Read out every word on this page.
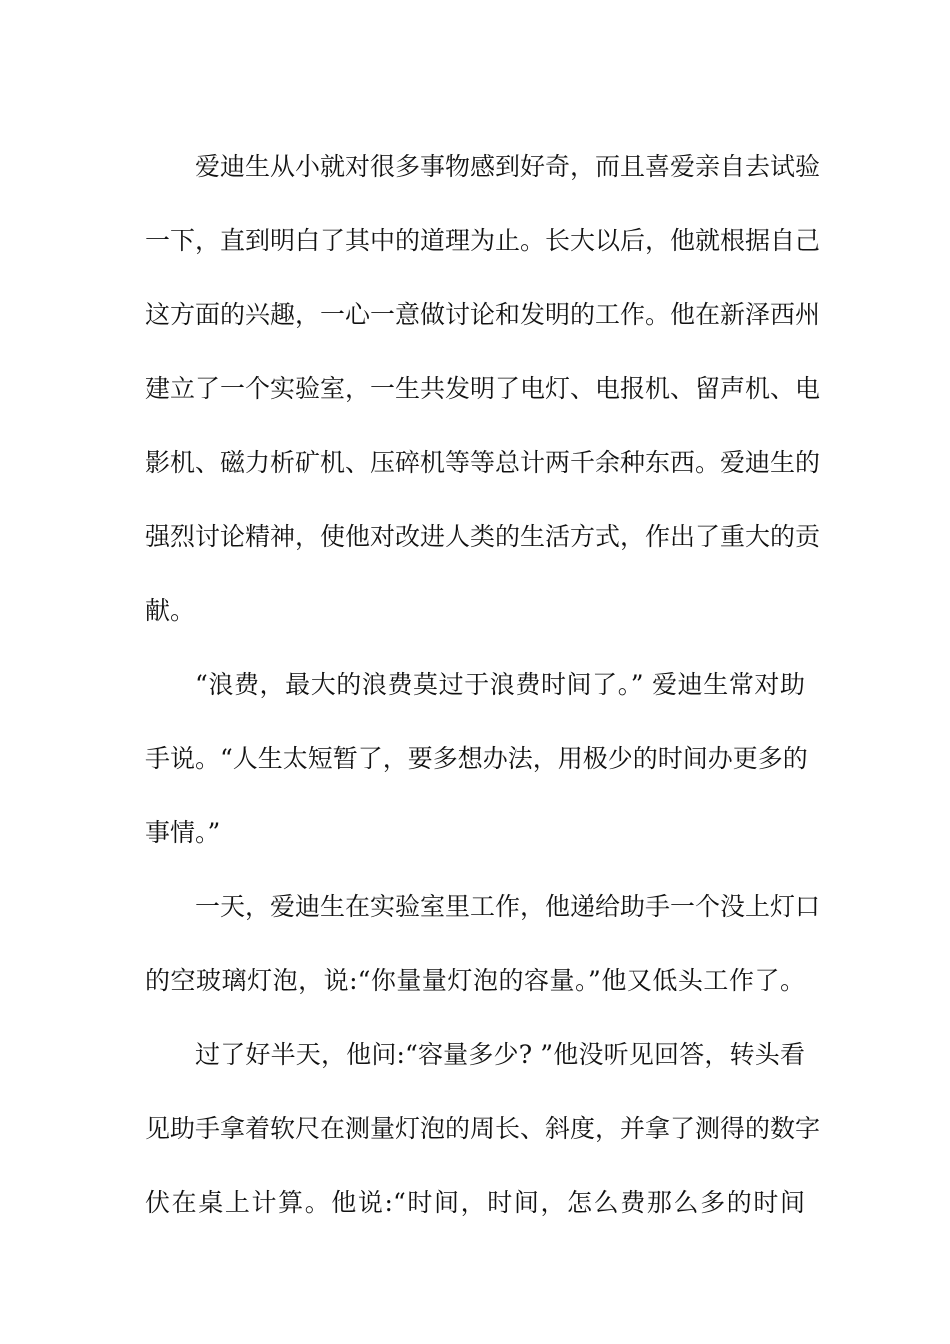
爱迪生从小就对很多事物感到好奇，而且喜爱亲自去试验
一下，直到明白了其中的道理为止。长大以后，他就根据自己
这方面的兴趣，一心一意做讨论和发明的工作。他在新泽西州
建立了一个实验室，一生共发明了电灯、电报机、留声机、电
影机、磁力析矿机、压碎机等等总计两千余种东西。爱迪生的
强烈讨论精神，使他对改进人类的生活方式，作出了重大的贡
献。
“浪费，最大的浪费莫过于浪费时间了。” 爱迪生常对助
手说。“人生太短暂了，要多想办法，用极少的时间办更多的
事情。”
一天，爱迪生在实验室里工作，他递给助手一个没上灯口
的空玻璃灯泡，说:“你量量灯泡的容量。”他又低头工作了。
过了好半天，他问:“容量多少? ”他没听见回答，转头看
见助手拿着软尺在测量灯泡的周长、斜度，并拿了测得的数字
伏在桌上计算。他说:“时间，时间，怎么费那么多的时间
